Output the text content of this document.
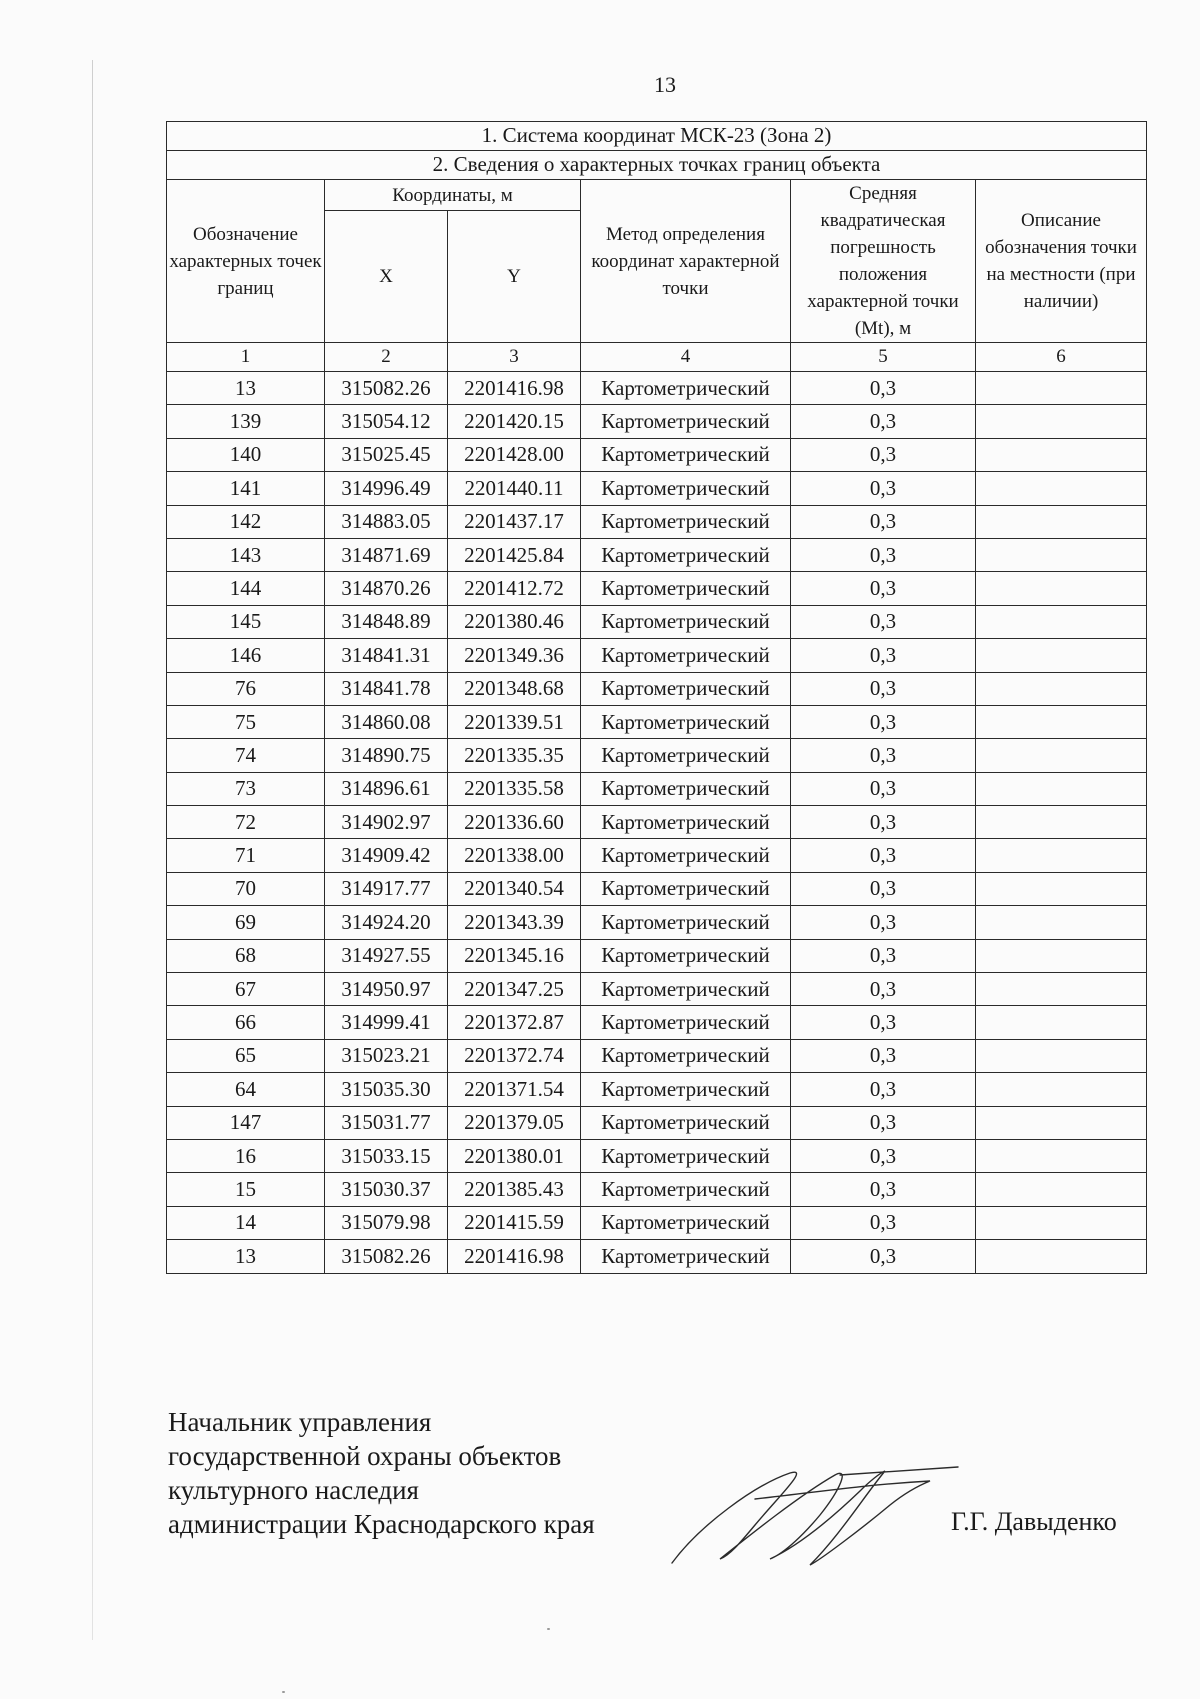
13
1. Система координат МСК-23 (Зона 2)					
2. Сведения о характерных точках границ объекта					
Обозначение характерных точек границ	Координаты, м		Метод определения координат характерной точки	Средняя квадратическая погрешность положения характерной точки (Mt), м	Описание обозначения точки на местности (при наличии)
	X	Y			
1	2	3	4	5	6
13	315082.26	2201416.98	Картометрический	0,3	
139	315054.12	2201420.15	Картометрический	0,3	
140	315025.45	2201428.00	Картометрический	0,3	
141	314996.49	2201440.11	Картометрический	0,3	
142	314883.05	2201437.17	Картометрический	0,3	
143	314871.69	2201425.84	Картометрический	0,3	
144	314870.26	2201412.72	Картометрический	0,3	
145	314848.89	2201380.46	Картометрический	0,3	
146	314841.31	2201349.36	Картометрический	0,3	
76	314841.78	2201348.68	Картометрический	0,3	
75	314860.08	2201339.51	Картометрический	0,3	
74	314890.75	2201335.35	Картометрический	0,3	
73	314896.61	2201335.58	Картометрический	0,3	
72	314902.97	2201336.60	Картометрический	0,3	
71	314909.42	2201338.00	Картометрический	0,3	
70	314917.77	2201340.54	Картометрический	0,3	
69	314924.20	2201343.39	Картометрический	0,3	
68	314927.55	2201345.16	Картометрический	0,3	
67	314950.97	2201347.25	Картометрический	0,3	
66	314999.41	2201372.87	Картометрический	0,3	
65	315023.21	2201372.74	Картометрический	0,3	
64	315035.30	2201371.54	Картометрический	0,3	
147	315031.77	2201379.05	Картометрический	0,3	
16	315033.15	2201380.01	Картометрический	0,3	
15	315030.37	2201385.43	Картометрический	0,3	
14	315079.98	2201415.59	Картометрический	0,3	
13	315082.26	2201416.98	Картометрический	0,3	
Начальник управления
государственной охраны объектов
культурного наследия
администрации Краснодарского края	Г.Г. Давыденко
